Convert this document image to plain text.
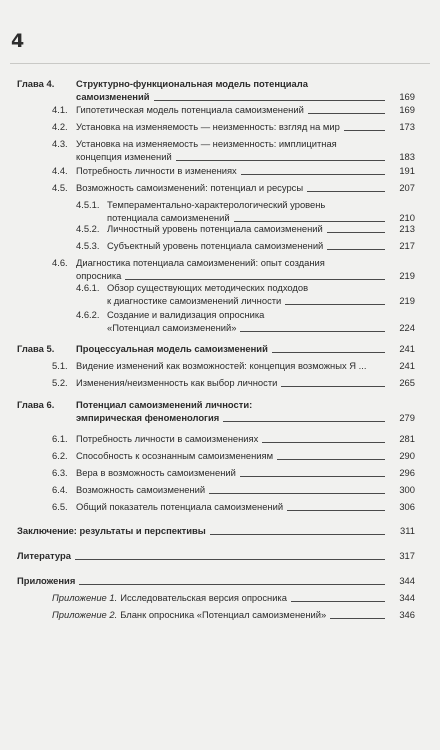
4
Глава 4. Структурно-функциональная модель потенциала
самоизменений	169
4.1. Гипотетическая модель потенциала самоизменений	169
4.2. Установка на изменяемость — неизменность: взгляд на мир	173
4.3. Установка на изменяемость — неизменность: имплицитная
концепция изменений	183
4.4. Потребность личности в изменениях	191
4.5. Возможность самоизменений: потенциал и ресурсы	207
4.5.1. Темпераментально-характерологический уровень
потенциала самоизменений	210
4.5.2. Личностный уровень потенциала самоизменений	213
4.5.3. Субъектный уровень потенциала самоизменений	217
4.6. Диагностика потенциала самоизменений: опыт создания
опросника	219
4.6.1. Обзор существующих методических подходов
к диагностике самоизменений личности	219
4.6.2. Создание и валидизация опросника
«Потенциал самоизменений»	224
Глава 5. Процессуальная модель самоизменений	241
5.1. Видение изменений как возможностей: концепция возможных Я ...	241
5.2. Изменения/неизменность как выбор личности	265
Глава 6. Потенциал самоизменений личности:
эмпирическая феноменология	279
6.1. Потребность личности в самоизменениях	281
6.2. Способность к осознанным самоизменениям	290
6.3. Вера в возможность самоизменений	296
6.4. Возможность самоизменений	300
6.5. Общий показатель потенциала самоизменений	306
Заключение: результаты и перспективы	311
Литература	317
Приложения	344
Приложение 1. Исследовательская версия опросника	344
Приложение 2. Бланк опросника «Потенциал самоизменений»	346
